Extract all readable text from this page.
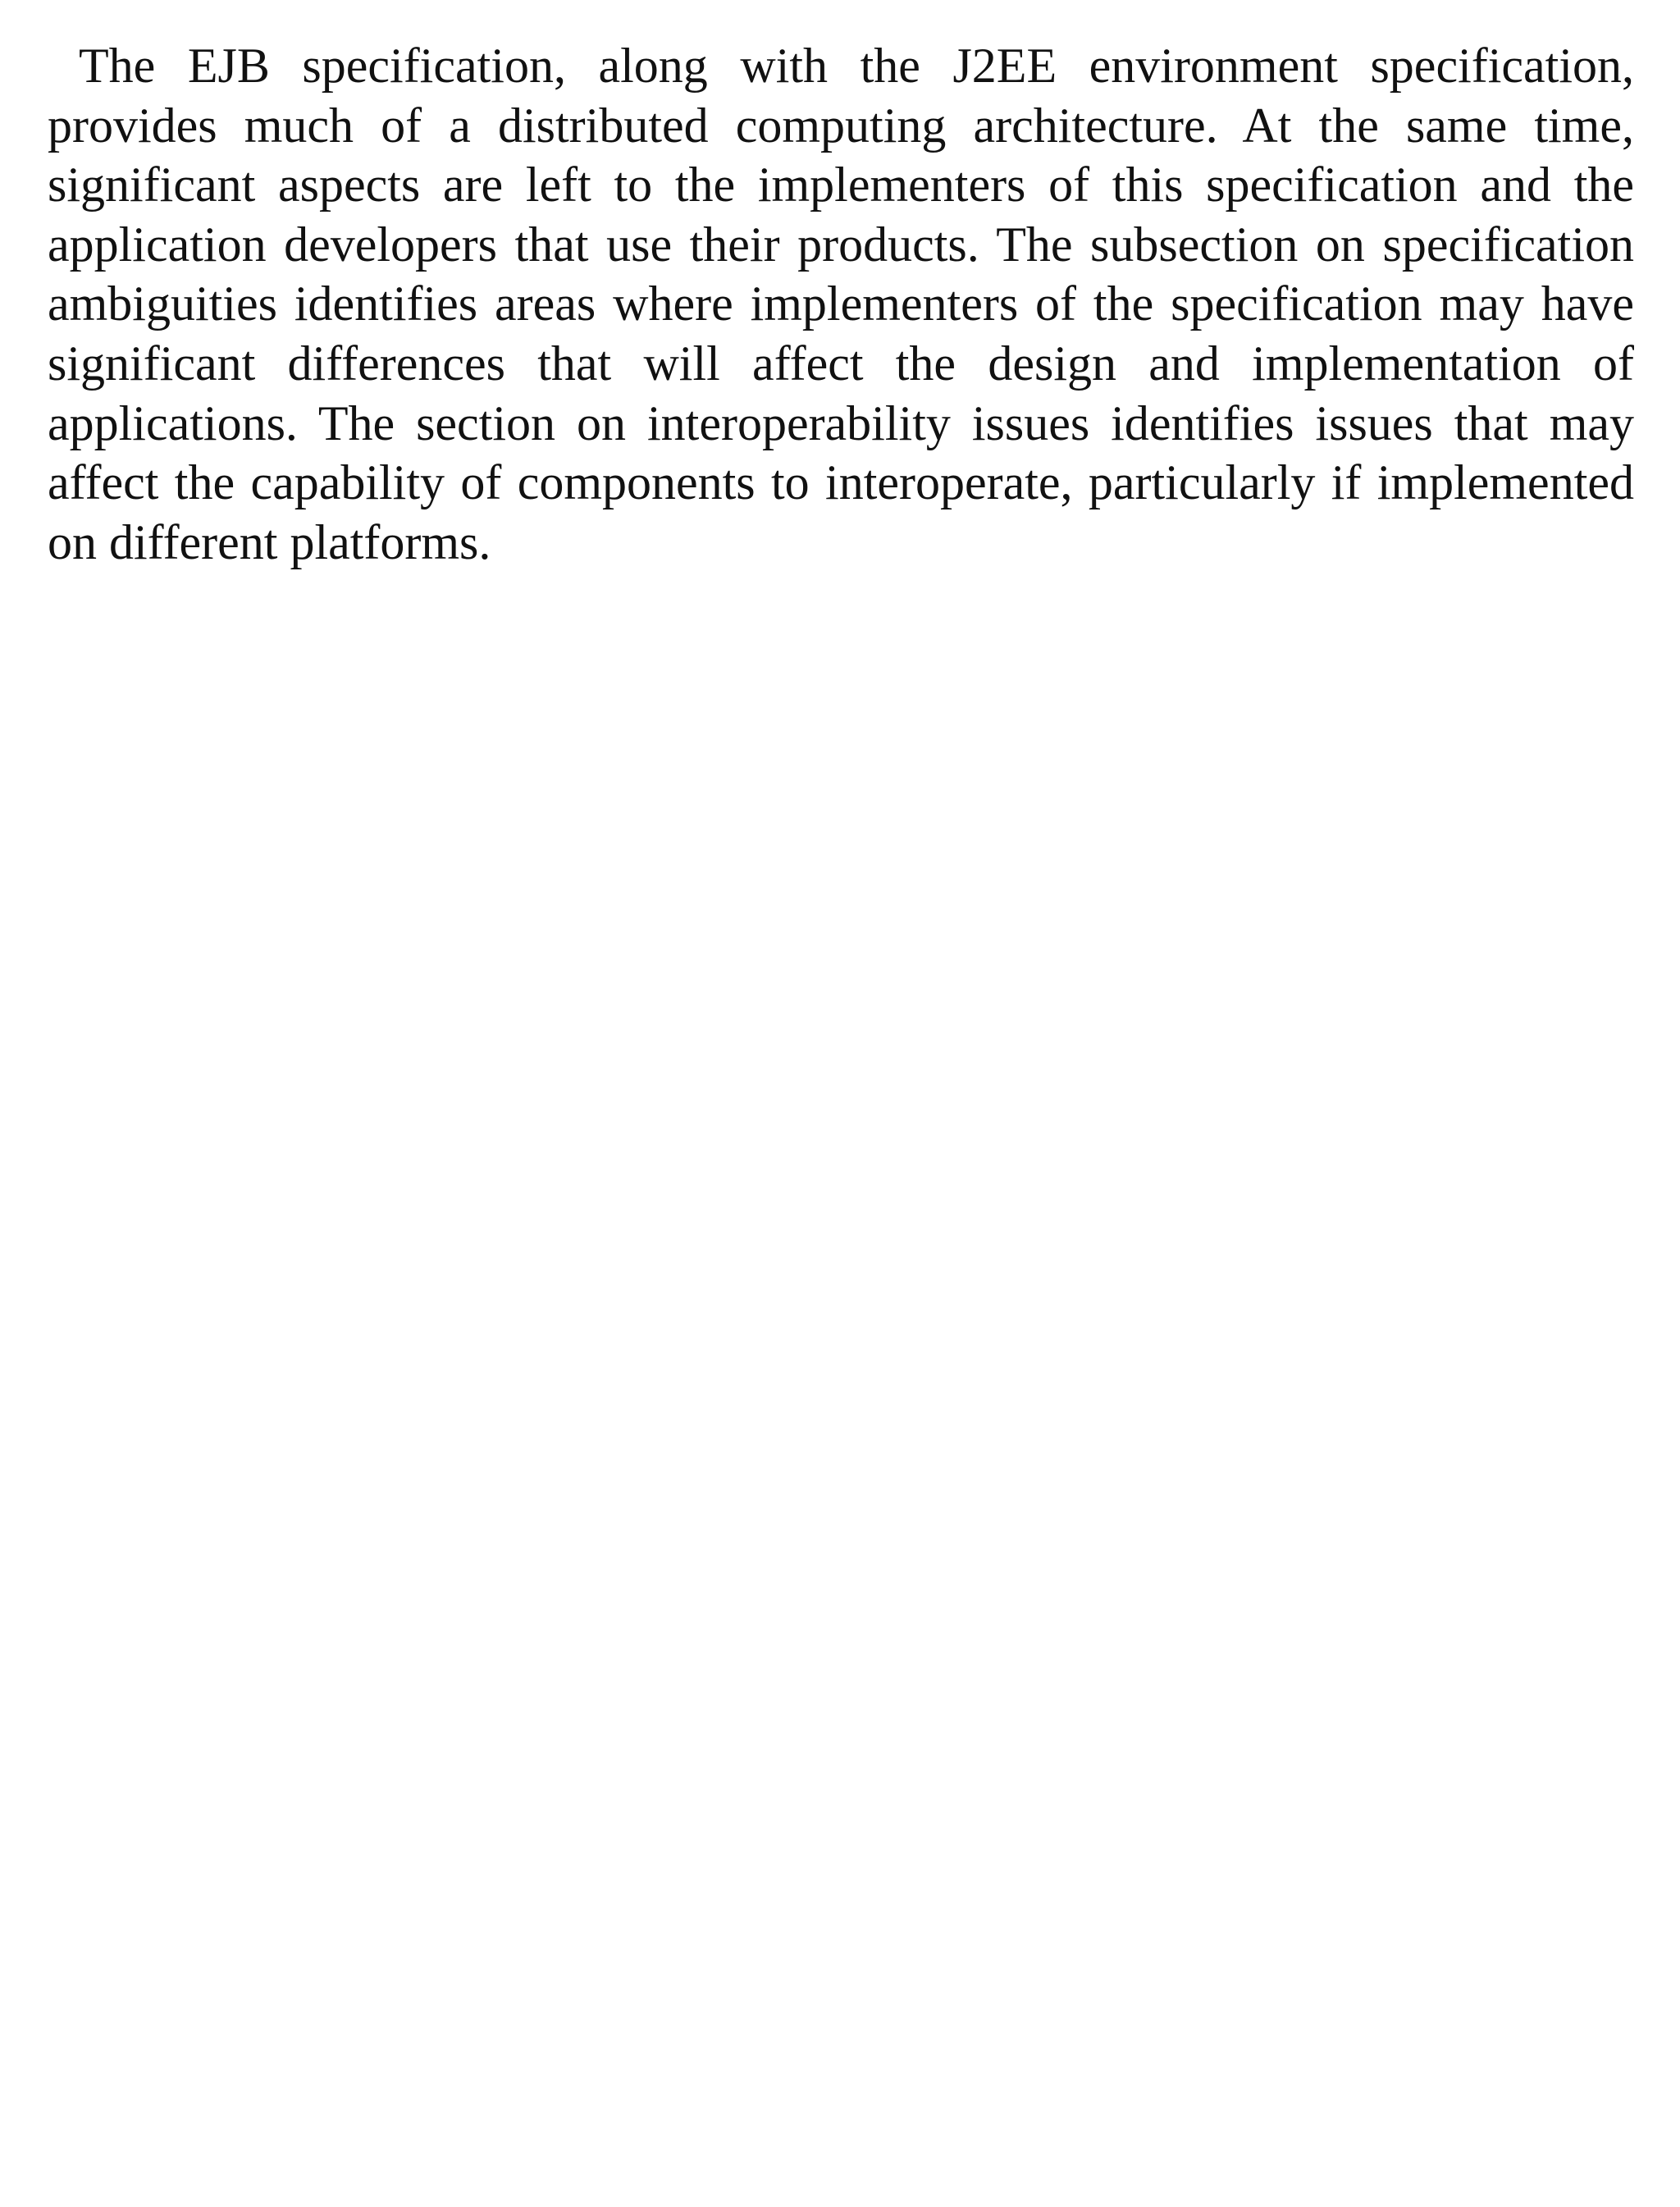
The EJB specification, along with the J2EE environment specification,
provides much of a distributed computing architecture. At the same time,
significant aspects are left to the implementers of this specification and the
application developers that use their products. The subsection on specification
ambiguities identifies areas where implementers of the specification may have
significant differences that will affect the design and implementation of
applications. The section on interoperability issues identifies issues that may
affect the capability of components to interoperate, particularly if implemented
on different platforms.
